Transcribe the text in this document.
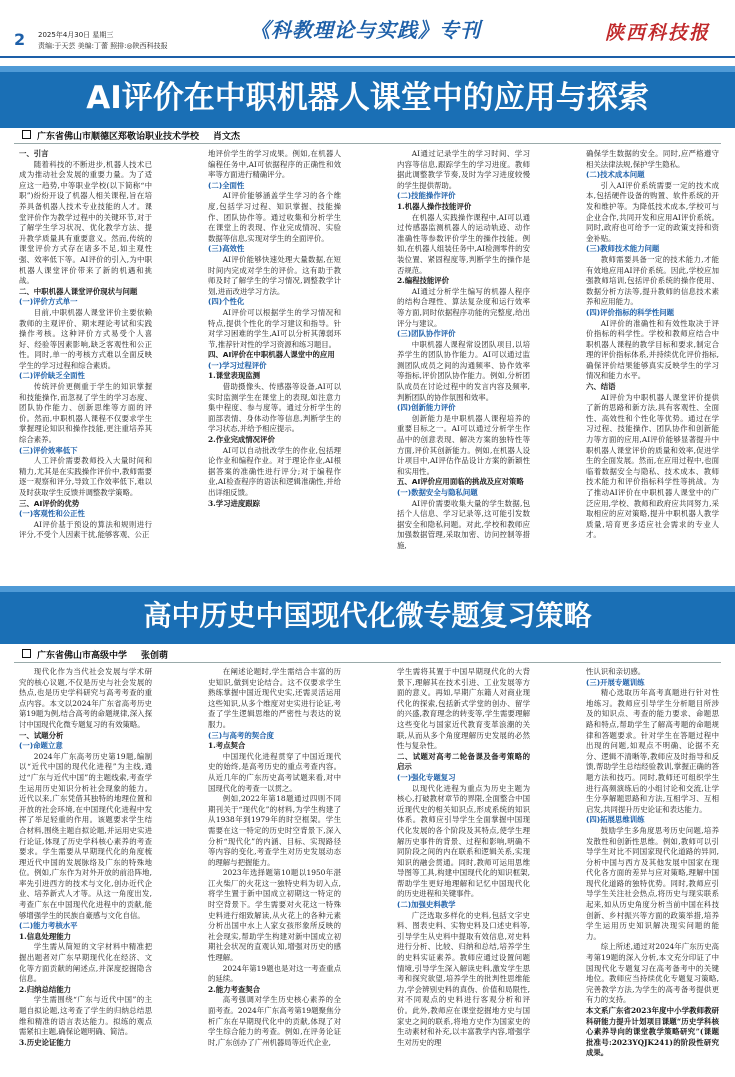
2 2025年4月30日 星期三
责编:于天芸 美编:丁蕾 照排:◎陕西科技报
《科教理论与实践》专刊	陕西科技报
AI评价在中职机器人课堂中的应用与探索
广东省佛山市顺德区郑敬诒职业技术学校 肖文杰

一、引言

随着科技的不断进步,机器人技术已成为推动社会发展的重要力量。为了适应这一趋势,中等职业学校(以下简称“中职”)纷纷开设了机器人相关课程,旨在培养具备机器人技术专业技能的人才。课堂评价作为教学过程中的关键环节,对于了解学生学习状况、优化教学方法、提升教学质量具有重要意义。然而,传统的课堂评价方式存在诸多不足,如主观性强、效率低下等。AI评价的引入,为中职机器人课堂评价带来了新的机遇和挑战。

二、中职机器人课堂评价现状与问题

(一)评价方式单一

目前,中职机器人课堂评价主要依赖教师的主观评价、期末理论考试和实践操作考核。这种评价方式易受个人喜好、经验等因素影响,缺乏客观性和公正性。同时,单一的考核方式难以全面反映学生的学习过程和综合素质。

(二)评价缺乏全面性

传统评价更侧重于学生的知识掌握和技能操作,而忽视了学生的学习态度、团队协作能力、创新思维等方面的评价。然而,中职机器人课程不仅要求学生掌握理论知识和操作技能,更注重培养其综合素养。

(三)评价效率低下

人工评价需要教师投入大量时间和精力,尤其是在实践操作评价中,教师需要逐一观察和评分,导致工作效率低下,难以及时获取学生反馈并调整教学策略。

三、AI评价的优势

(一)客观性和公正性

AI评价基于预设的算法和规则进行评分,不受个人因素干扰,能够客观、公正

地评价学生的学习成果。例如,在机器人编程任务中,AI可依据程序的正确性和效率等方面进行精确评分。

(二)全面性

AI评价能够涵盖学生学习的各个维度,包括学习过程、知识掌握、技能操作、团队协作等。通过收集和分析学生在课堂上的表现、作业完成情况、实验数据等信息,实现对学生的全面评价。

(三)高效性

AI评价能够快速处理大量数据,在短时间内完成对学生的评价。这有助于教师及时了解学生的学习情况,调整教学计划,进而改进学习方法。

(四)个性化

AI评价可以根据学生的学习情况和特点,提供个性化的学习建议和指导。针对学习困难的学生,AI可以分析其薄弱环节,推荐针对性的学习资源和练习题目。

四、AI评价在中职机器人课堂中的应用

(一)学习过程评价

1.课堂表现监测

借助摄像头、传感器等设备,AI可以实时监测学生在课堂上的表现,如注意力集中程度、参与度等。通过分析学生的面部表情、身体动作等信息,判断学生的学习状态,并给予相应提示。

2.作业完成情况评价

AI可以自动批改学生的作业,包括理论作业和编程作业。对于理论作业,AI根据答案的准确性进行评分;对于编程作业,AI检查程序的语法和逻辑准确性,并给出详细反馈。

3.学习进度跟踪

AI通过记录学生的学习时间、学习内容等信息,跟踪学生的学习进度。教师据此调整教学节奏,及时为学习进度较慢的学生提供帮助。

(二)技能操作评价

1.机器人操作技能评价

在机器人实践操作课程中,AI可以通过传感器监测机器人的运动轨迹、动作准确性等参数评价学生的操作技能。例如,在机器人组装任务中,AI检测零件的安装位置、紧固程度等,判断学生的操作是否规范。

2.编程技能评价

AI通过分析学生编写的机器人程序的结构合理性、算法复杂度和运行效率等方面,同时依据程序功能的完整度,给出评分与建议。

(三)团队协作评价

中职机器人课程常设团队项目,以培养学生的团队协作能力。AI可以通过监测团队成员之间的沟通频率、协作效率等指标,评价团队协作能力。例如,分析团队成员在讨论过程中的发言内容及频率,判断团队的协作氛围和效率。

(四)创新能力评价

创新能力是中职机器人课程培养的重要目标之一。AI可以通过分析学生作品中的创意表现、解决方案的独特性等方面,评价其创新能力。例如,在机器人设计项目中,AI评估作品设计方案的新颖性和实用性。

五、AI评价应用面临的挑战及应对策略

(一)数据安全与隐私问题

AI评价需要收集大量的学生数据,包括个人信息、学习记录等,这可能引发数据安全和隐私问题。对此,学校和教师应加强数据管理,采取加密、访问控制等措施,

确保学生数据的安全。同时,应严格遵守相关法律法规,保护学生隐私。

(二)技术成本问题

引入AI评价系统需要一定的技术成本,包括硬件设备的购置、软件系统的开发和维护等。为降低技术成本,学校可与企业合作,共同开发和应用AI评价系统。同时,政府也可给予一定的政策支持和资金补贴。

(三)教师技术能力问题

教师需要具备一定的技术能力,才能有效地应用AI评价系统。因此,学校应加强教师培训,包括评价系统的操作使用、数据分析方法等,提升教师的信息技术素养和应用能力。

(四)评价指标的科学性问题

AI评价的准确性和有效性取决于评价指标的科学性。学校和教师应结合中职机器人课程的教学目标和要求,制定合理的评价指标体系,并持续优化评价指标,确保评价结果能够真实反映学生的学习情况和能力水平。

六、结语

AI评价为中职机器人课堂评价提供了新的思路和新方法,具有客观性、全面性、高效性和个性化等优势。通过在学习过程、技能操作、团队协作和创新能力等方面的应用,AI评价能够显著提升中职机器人课堂评价的质量和效率,促进学生的全面发展。然而,在应用过程中,也面临着数据安全与隐私、技术成本、教师技术能力和评价指标科学性等挑战。为了推动AI评价在中职机器人课堂中的广泛应用,学校、教师和政府应共同努力,采取相应的应对策略,提升中职机器人教学质量,培育更多适应社会需求的专业人才。

高中历史中国现代化微专题复习策略
广东省佛山市高级中学 张创萌

现代化作为当代社会发展与学术研究的核心议题,不仅是历史与社会发展的热点,也是历史学科研究与高考考查的重点内容。本文以2024年广东省高考历史第19题为例,结合高考的命题规律,深入探讨中国现代化微专题复习的有效策略。

一、试题分析

(一)命题立意

2024年广东高考历史第19题,编制以“近代中国的现代化进程”为主线,通过“广东与近代中国”的主题线索,考查学生运用历史知识分析社会现象的能力。近代以来,广东凭借其独特的地理位置和开放的社会环境,在中国现代化进程中发挥了举足轻重的作用。该题要求学生结合材料,围绕主题自拟论题,并运用史实进行论证,体现了历史学科核心素养的考查要求。学生需要从早期现代化的角度梳理近代中国的发展脉络及广东的特殊地位。例如,广东作为对外开放的前沿阵地,率先引进西方的技术与文化,创办近代企业、培养新式人才等。从这一角度出发,考查广东在中国现代化进程中的贡献,能够增强学生的民族自豪感与文化自信。

(二)能力考核水平

1.信息处理能力

学生需从简短的文字材料中精准把握出题者对广东早期现代化在经济、文化等方面贡献的阐述点,并深度挖掘隐含信息。

2.归纳总结能力

学生需围绕“广东与近代中国”的主题自拟论题,这考查了学生的归纳总结思维和精准的语言表达能力。拟练的观点需紧扣主题,确保论题明确、简洁。

3.历史论证能力

在阐述论题时,学生需结合丰富的历史知识,做到史论结合。这不仅要求学生熟练掌握中国近现代史实,还需灵活运用这些知识,从多个维度对史实进行论证,考查了学生逻辑思维的严密性与表达的说服力。

(三)与高考的契合度

1.考点契合

中国现代化进程贯穿了中国近现代史的始终,是高考历史的重点考查内容。从近几年的广东历史高考试题来看,对中国现代化的考查一以贯之。

例如,2022年第18题通过四则不同期刊关于“现代化”的材料,为学生构建了从1938年到1979年的时空框架。学生需要在这一特定的历史时空背景下,深入分析“现代化”的内涵、目标、实现路径等内容的变化,考查学生对历史发展动态的理解与把握能力。

2023年选择题第10题以1950年湛江火柴厂的火花这一独特史料为切入点,将学生置于新中国成立初期这一特定的时空背景下。学生需要对火花这一特殊史料进行细致解读,从火花上的各种元素分析出国中水上人家女孩形象所反映的社会现实,帮助学生构建对新中国成立初期社会状况的直观认知,增强对历史的感性理解。

2024年第19题也是对这一考查重点的延续。

2.能力考查契合

高考强调对学生历史核心素养的全面考查。2024年广东高考第19题聚焦分析广东在早期现代化中的贡献,体现了对学生综合能力的考查。例如,在评务论证时,广东创办了广州机器局等近代企业,

学生需将其置于中国早期现代化的大背景下,理解其在技术引进、工业发展等方面的意义。再如,早期广东籍人对商业现代化的探索,包括新式学堂的创办、留学的兴盛,教育理念的转变等,学生需要理解这些变化与国家近代教育变革浪潮的关联,从而从多个角度理解历史发展的必然性与复杂性。

二、试题对高考二轮备课及备考策略的启示

(一)强化专题复习

以现代化进程为重点为历史主题为核心,打破教材章节的界限,全面整合中国近现代史的相关知识点,形成系统的知识体系。教师应引导学生全面掌握中国现代化发展的各个阶段及其特点,使学生理解历史事件的背景、过程和影响,明确不同阶段之间的内在联系和逻辑关系,实现知识的融会贯通。同时,教师可运用思维导图等工具,构建中国现代化的知识框架,帮助学生更好地理解和记忆中国现代化的历史进程和关键事件。

(二)加强史料教学

广泛选取多样化的史料,包括文字史料、图表史料、实物史料及口述史料等,引导学生从史料中提取有效信息,对史料进行分析、比较、归纳和总结,培养学生的史料实证素养。教师应通过设置问题情境,引导学生深入解读史料,激发学生思考和探究欲望,培养学生的批判性思维能力,学会辨别史料的真伪、价值和局限性,对不同观点的史料进行客观分析和评价。此外,教师应在课堂挖掘地方史与国家史之间的联系,将地方史作为国家史的生动素材和补充,以丰富教学内容,增强学生对历史的理

性认识和亲切感。

(三)开展专题训练

精心选取历年高考真题进行针对性地练习。教师应引导学生分析题目所涉及的知识点、考查的能力要求、命题思路和特点,帮助学生了解高考题的命题规律和答题要求。针对学生在答题过程中出现的问题,如观点不明确、论据不充分、逻辑不清晰等,教师应及时指导和反馈,帮助学生总结经验教训,掌握正确的答题方法和技巧。同时,教师还可组织学生进行高频演练后的小组讨论和交流,让学生分享解题思路和方法,互相学习、互相启发,共同提升历史论证和表达能力。

(四)拓展思维训练

鼓励学生多角度思考历史问题,培养发散性和创新性思维。例如,教师可以引导学生对比不同国家现代化道路的异同,分析中国与西方及其他发展中国家在现代化各方面的差异与应对策略,理解中国现代化道路的独特优势。同时,教师应引导学生关注社会热点,将历史与现实联系起来,如从历史角度分析当前中国在科技创新、乡村振兴等方面的政策举措,培养学生运用历史知识解决现实问题的能力。

综上所述,通过对2024年广东历史高考第19题的深入分析,本文充分印证了中国现代化专题复习在高考备考中的关键地位。教师应当持续优化专题复习策略,完善教学方法,为学生的高考备考提供更有力的支持。

本文系广东省2023年度中小学教师教研科研能力提升计划项目课题“历史学科核心素养导向的课堂教学策略研究”(课题批准号:2023YQJK241)的阶段性研究成果。
